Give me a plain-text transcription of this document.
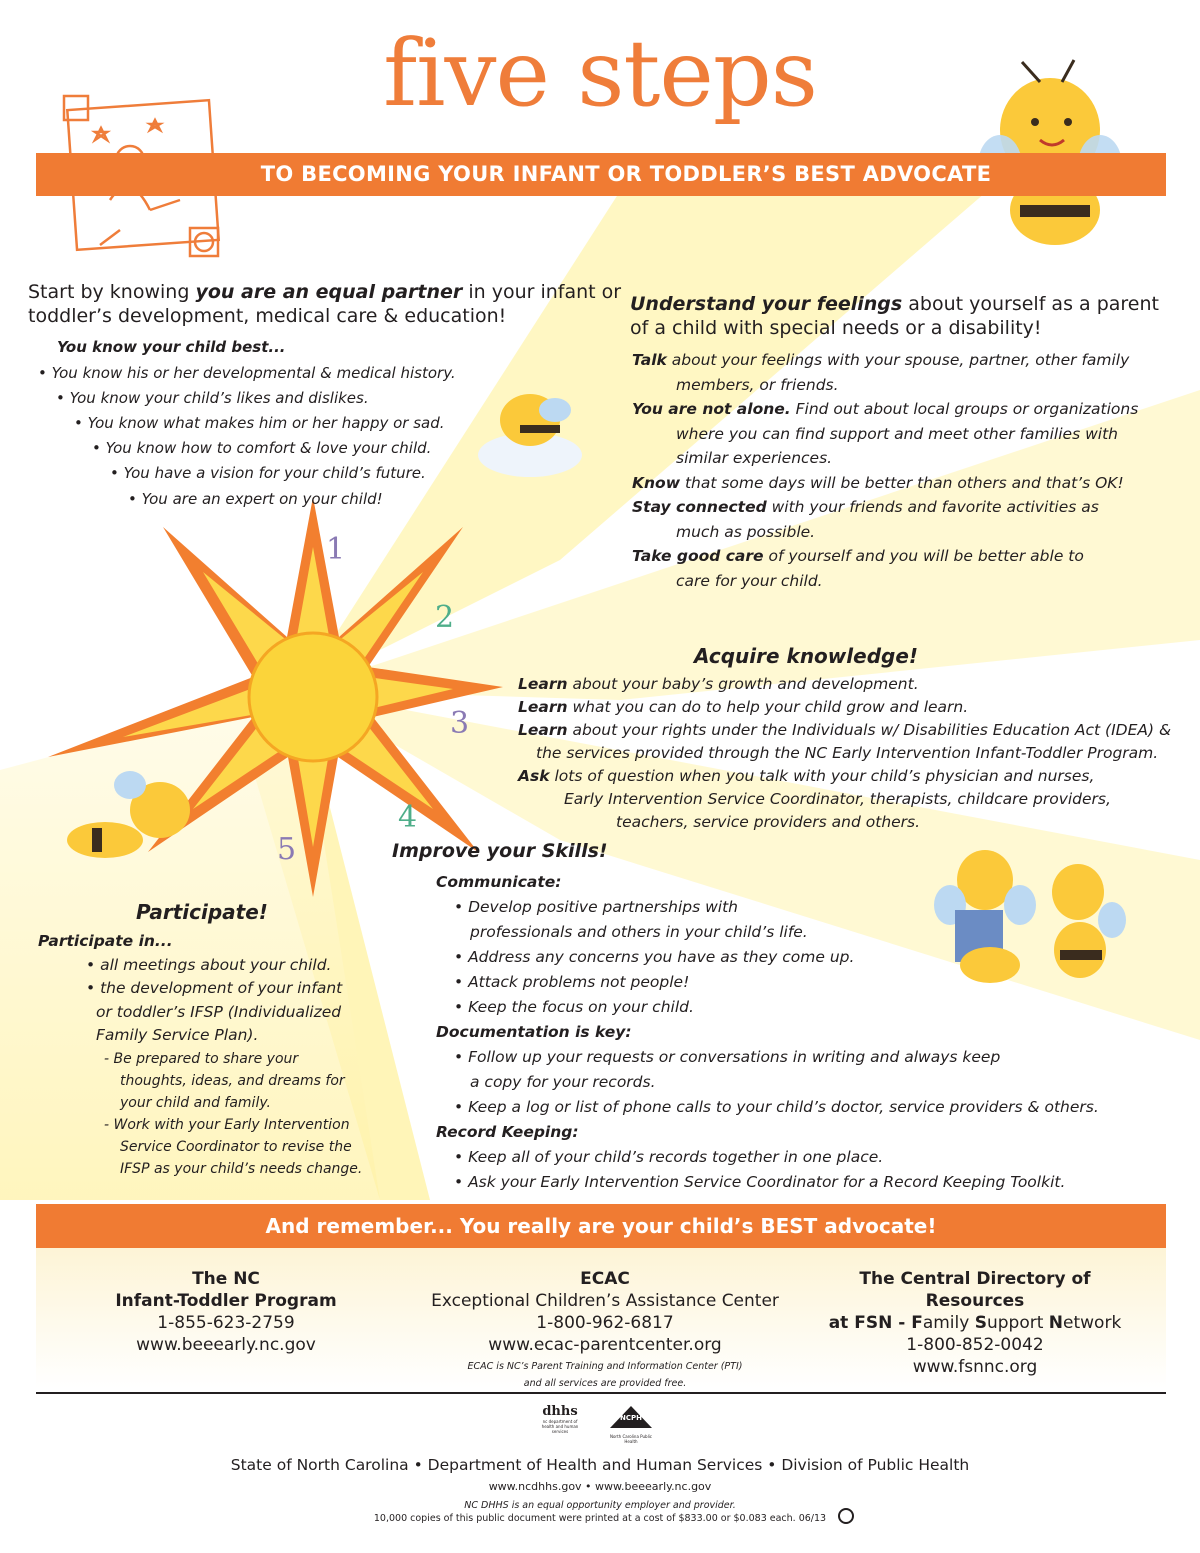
five steps
TO BECOMING YOUR INFANT OR TODDLER’S BEST ADVOCATE
Start by knowing you are an equal partner in your infant or toddler’s development, medical care & education!
You know your child best...
• You know his or her developmental & medical history.
• You know your child’s likes and dislikes.
• You know what makes him or her happy or sad.
• You know how to comfort & love your child.
• You have a vision for your child’s future.
• You are an expert on your child!
Understand your feelings about yourself as a parent of a child with special needs or a disability!

Talk about your feelings with your spouse, partner, other family

members, or friends.

You are not alone. Find out about local groups or organizations

where you can find support and meet other families with

similar experiences.

Know that some days will be better than others and that’s OK!

Stay connected with your friends and favorite activities as

much as possible.

Take good care of yourself and you will be better able to

care for your child.

1
2
3
4
5
Acquire knowledge!

Learn about your baby’s growth and development.

Learn what you can do to help your child grow and learn.

Learn about your rights under the Individuals w/ Disabilities Education Act (IDEA) &

the services provided through the NC Early Intervention Infant-Toddler Program.

Ask lots of question when you talk with your child’s physician and nurses,

Early Intervention Service Coordinator, therapists, childcare providers,

teachers, service providers and others.

Improve your Skills!

Communicate:

• Develop positive partnerships with

professionals and others in your child’s life.

• Address any concerns you have as they come up.

• Attack problems not people!

• Keep the focus on your child.

Documentation is key:

• Follow up your requests or conversations in writing and always keep

a copy for your records.

• Keep a log or list of phone calls to your child’s doctor, service providers & others.

Record Keeping:

• Keep all of your child’s records together in one place.

• Ask your Early Intervention Service Coordinator for a Record Keeping Toolkit.

Participate!

Participate in...

• all meetings about your child.

• the development of your infant

or toddler’s IFSP (Individualized

Family Service Plan).

- Be prepared to share your

thoughts, ideas, and dreams for

your child and family.

- Work with your Early Intervention

Service Coordinator to revise the

IFSP as your child’s needs change.

And remember... You really are your child’s BEST advocate!

The NC

Infant-Toddler Program

1-855-623-2759

www.beeearly.nc.gov

ECAC

Exceptional Children’s Assistance Center

1-800-962-6817

www.ecac-parentcenter.org

ECAC is NC’s Parent Training and Information Center (PTI)

and all services are provided free.

The Central Directory of Resources

at FSN - Family Support Network

1-800-852-0042

www.fsnnc.org

dhhs
nc department of health and human services
North Carolina Public Health
NCPH
State of North Carolina • Department of Health and Human Services • Division of Public Health
www.ncdhhs.gov • www.beeearly.nc.gov
NC DHHS is an equal opportunity employer and provider.
10,000 copies of this public document were printed at a cost of $833.00 or $0.083 each. 06/13
